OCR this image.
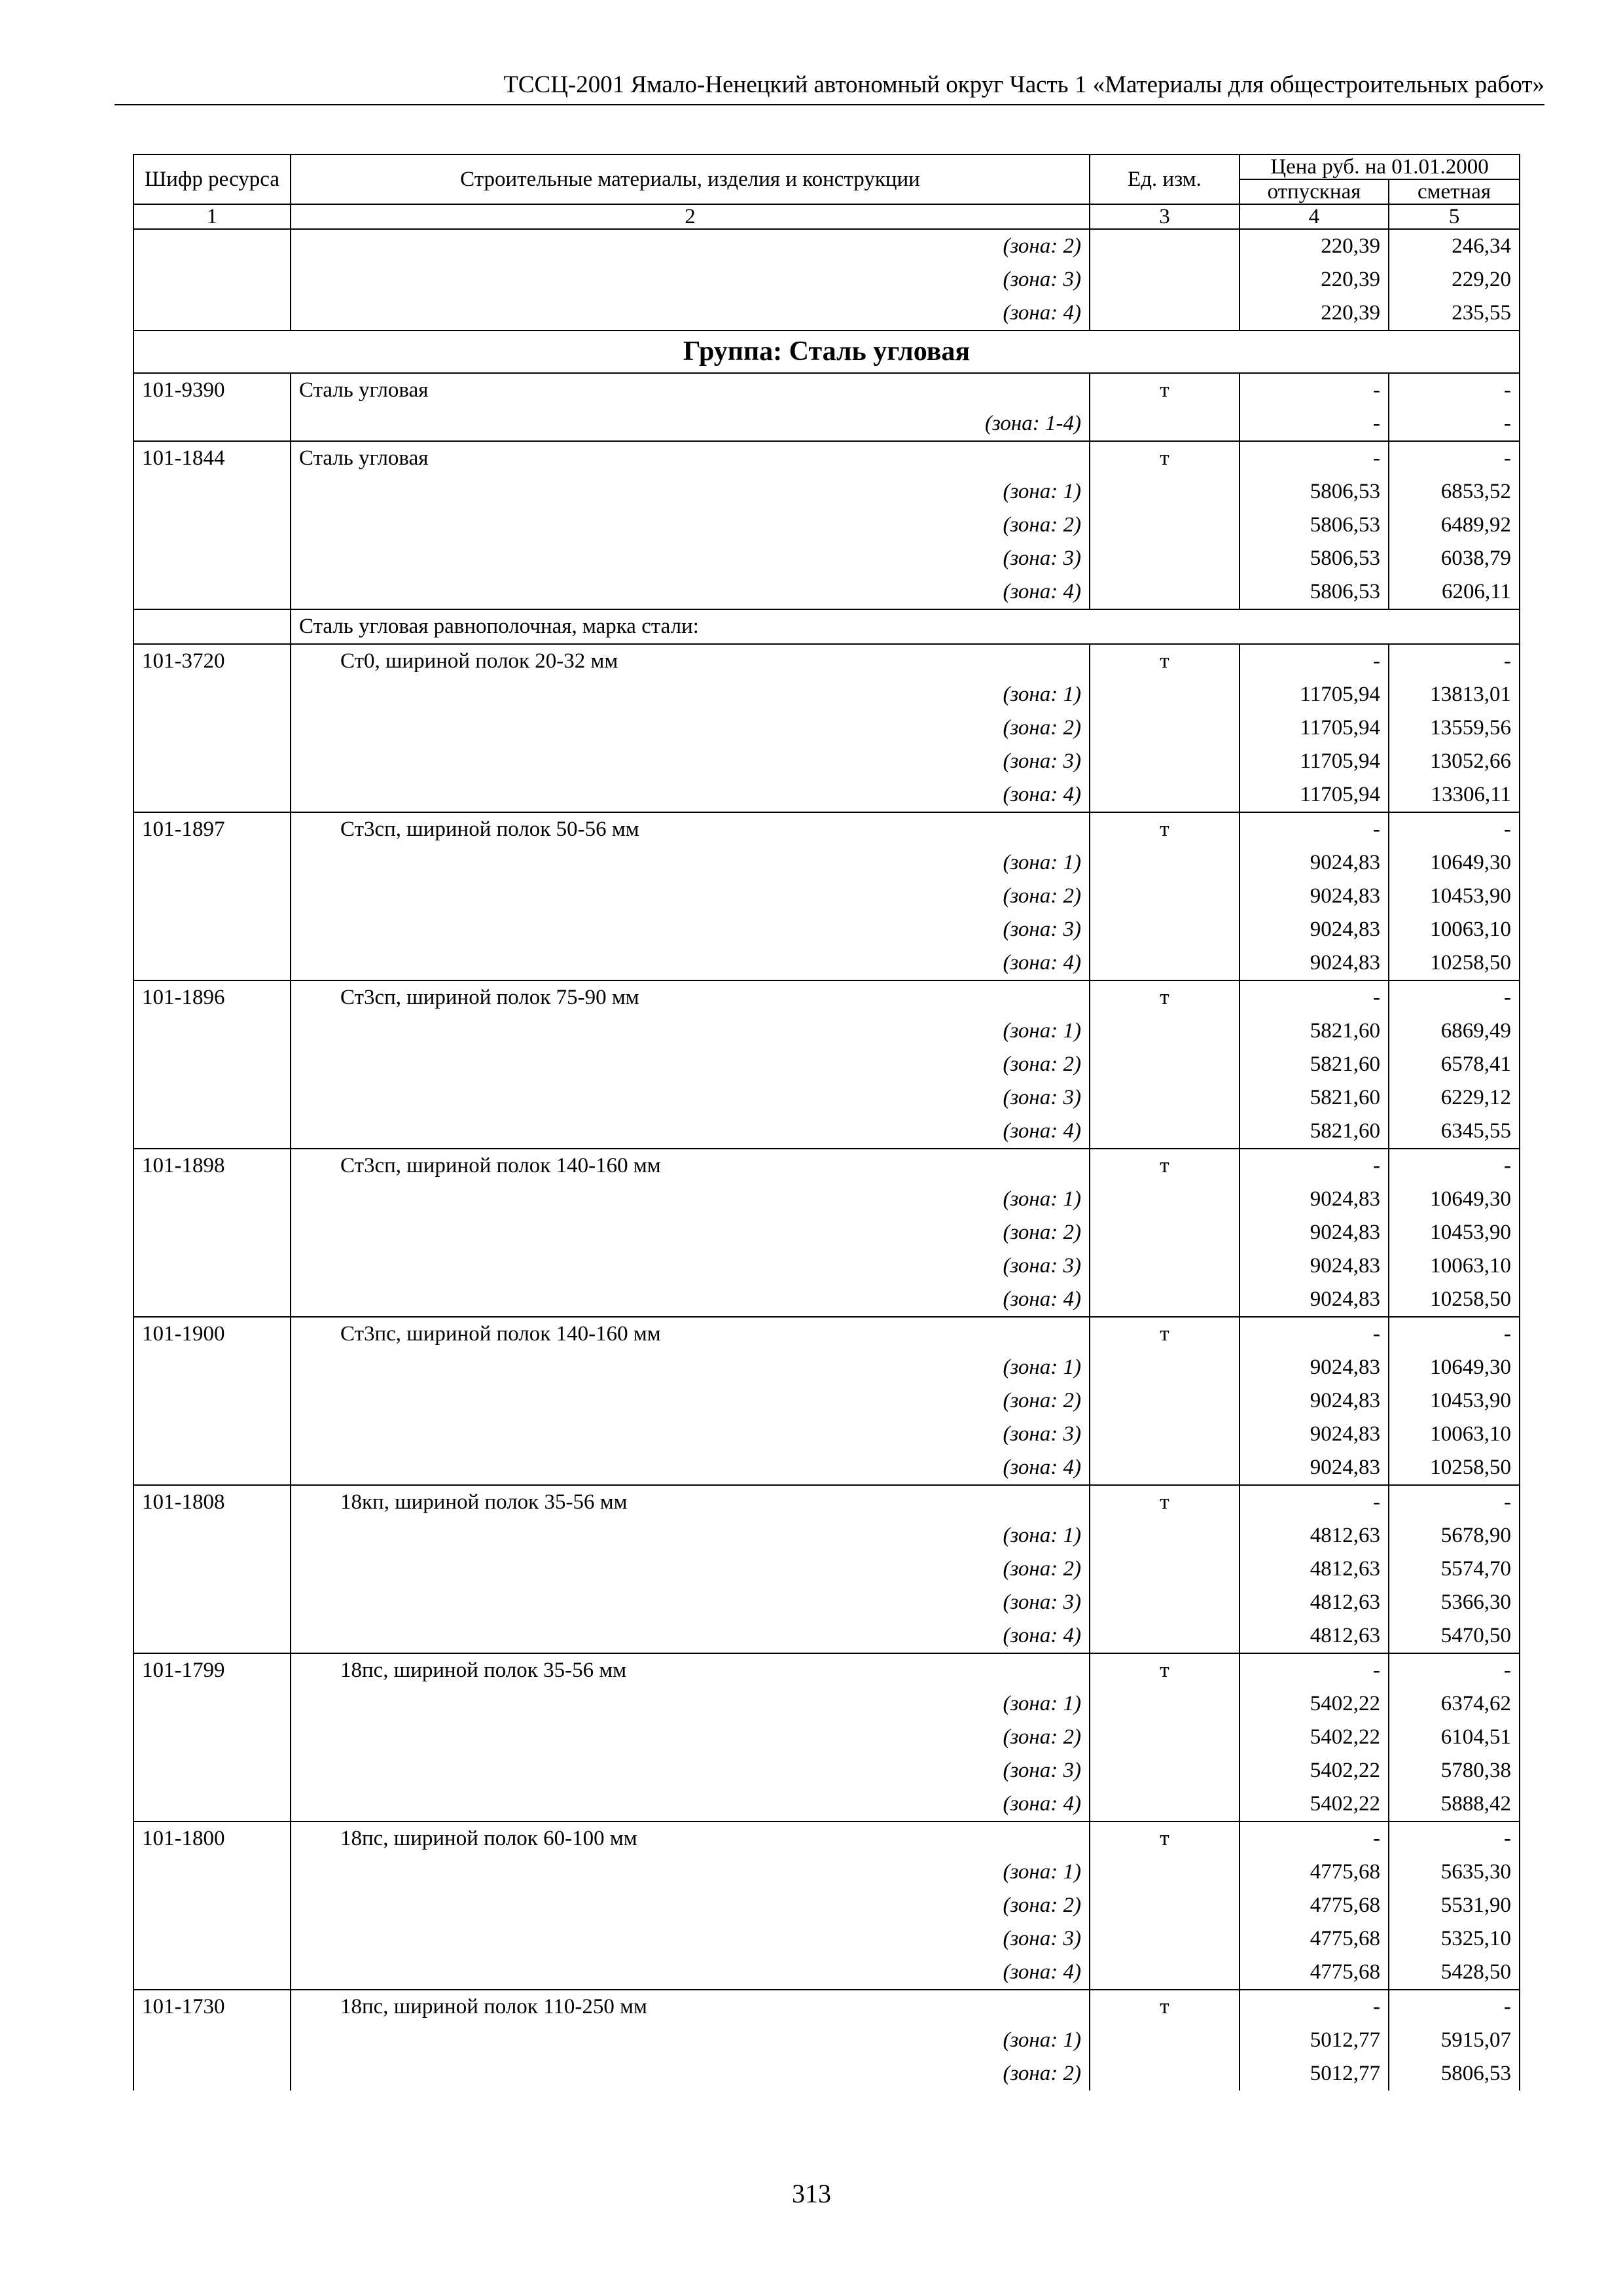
ТССЦ-2001 Ямало-Ненецкий автономный округ Часть 1 «Материалы для общестроительных работ»
Шифр ресурса	Строительные материалы, изделия и конструкции	Ед. изм.	Цена руб. на 01.01.2000	
			отпускная	сметная
1	2	3	4	5
	(зона: 2)		220,39	246,34
	(зона: 3)		220,39	229,20
	(зона: 4)		220,39	235,55
Группа: Сталь угловая				
101-9390	Сталь угловая	т	-	-
	(зона: 1-4)		-	-
101-1844	Сталь угловая	т	-	-
	(зона: 1)		5806,53	6853,52
	(зона: 2)		5806,53	6489,92
	(зона: 3)		5806,53	6038,79
	(зона: 4)		5806,53	6206,11
	Сталь угловая равнополочная, марка стали:			
101-3720	Ст0, шириной полок 20-32 мм	т	-	-
	(зона: 1)		11705,94	13813,01
	(зона: 2)		11705,94	13559,56
	(зона: 3)		11705,94	13052,66
	(зона: 4)		11705,94	13306,11
101-1897	Ст3сп, шириной полок 50-56 мм	т	-	-
	(зона: 1)		9024,83	10649,30
	(зона: 2)		9024,83	10453,90
	(зона: 3)		9024,83	10063,10
	(зона: 4)		9024,83	10258,50
101-1896	Ст3сп, шириной полок 75-90 мм	т	-	-
	(зона: 1)		5821,60	6869,49
	(зона: 2)		5821,60	6578,41
	(зона: 3)		5821,60	6229,12
	(зона: 4)		5821,60	6345,55
101-1898	Ст3сп, шириной полок 140-160 мм	т	-	-
	(зона: 1)		9024,83	10649,30
	(зона: 2)		9024,83	10453,90
	(зона: 3)		9024,83	10063,10
	(зона: 4)		9024,83	10258,50
101-1900	Ст3пс, шириной полок 140-160 мм	т	-	-
	(зона: 1)		9024,83	10649,30
	(зона: 2)		9024,83	10453,90
	(зона: 3)		9024,83	10063,10
	(зона: 4)		9024,83	10258,50
101-1808	18кп, шириной полок 35-56 мм	т	-	-
	(зона: 1)		4812,63	5678,90
	(зона: 2)		4812,63	5574,70
	(зона: 3)		4812,63	5366,30
	(зона: 4)		4812,63	5470,50
101-1799	18пс, шириной полок 35-56 мм	т	-	-
	(зона: 1)		5402,22	6374,62
	(зона: 2)		5402,22	6104,51
	(зона: 3)		5402,22	5780,38
	(зона: 4)		5402,22	5888,42
101-1800	18пс, шириной полок 60-100 мм	т	-	-
	(зона: 1)		4775,68	5635,30
	(зона: 2)		4775,68	5531,90
	(зона: 3)		4775,68	5325,10
	(зона: 4)		4775,68	5428,50
101-1730	18пс, шириной полок 110-250 мм	т	-	-
	(зона: 1)		5012,77	5915,07
	(зона: 2)		5012,77	5806,53
313
